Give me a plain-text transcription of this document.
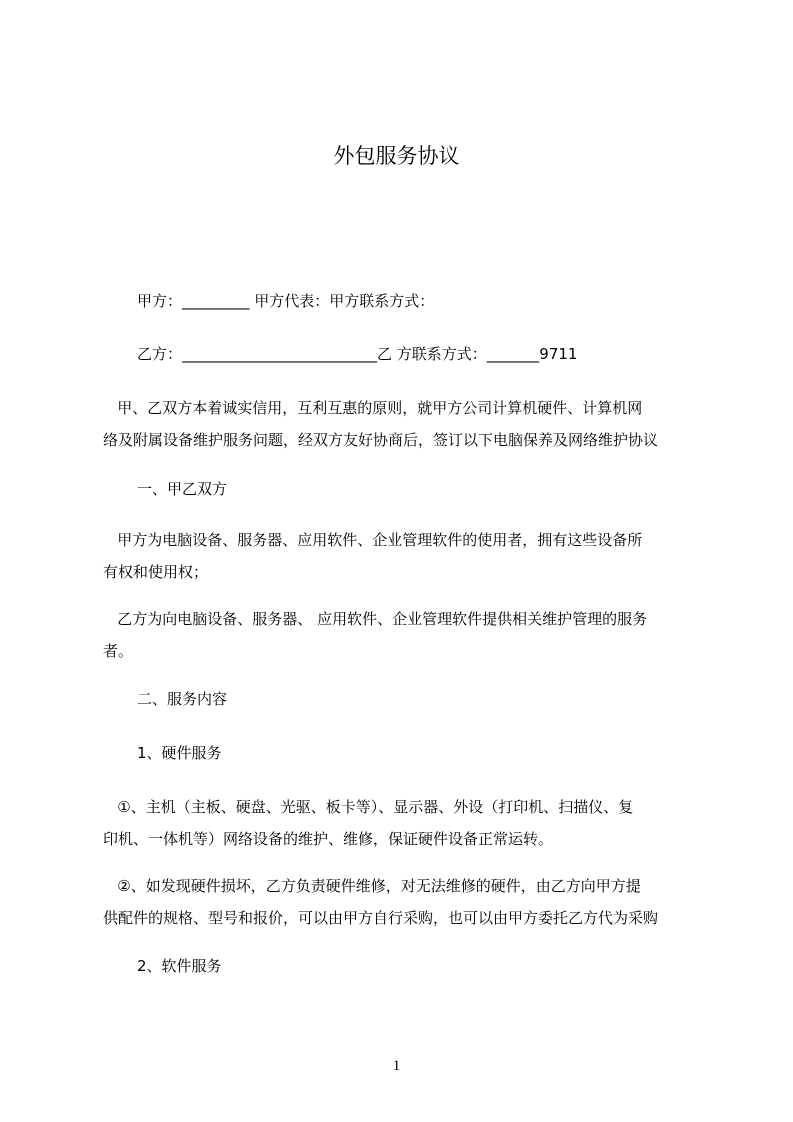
外包服务协议

甲方：_________ 甲方代表：甲方联系方式：

乙方：__________________________乙 方联系方式：_______9711

甲、乙双方本着诚实信用，互利互惠的原则，就甲方公司计算机硬件、计算机网
络及附属设备维护服务问题，经双方友好协商后，签订以下电脑保养及网络维护协议

一、甲乙双方

甲方为电脑设备、服务器、应用软件、企业管理软件的使用者，拥有这些设备所
有权和使用权；
乙方为向电脑设备、服务器、 应用软件、企业管理软件提供相关维护管理的服务
者。

二、服务内容

1、硬件服务

①、主机（主板、硬盘、光驱、板卡等）、显示器、外设（打印机、扫描仪、复
印机、一体机等）网络设备的维护、维修，保证硬件设备正常运转。
②、如发现硬件损坏，乙方负责硬件维修，对无法维修的硬件，由乙方向甲方提
供配件的规格、型号和报价，可以由甲方自行采购，也可以由甲方委托乙方代为采购

2、软件服务

1
